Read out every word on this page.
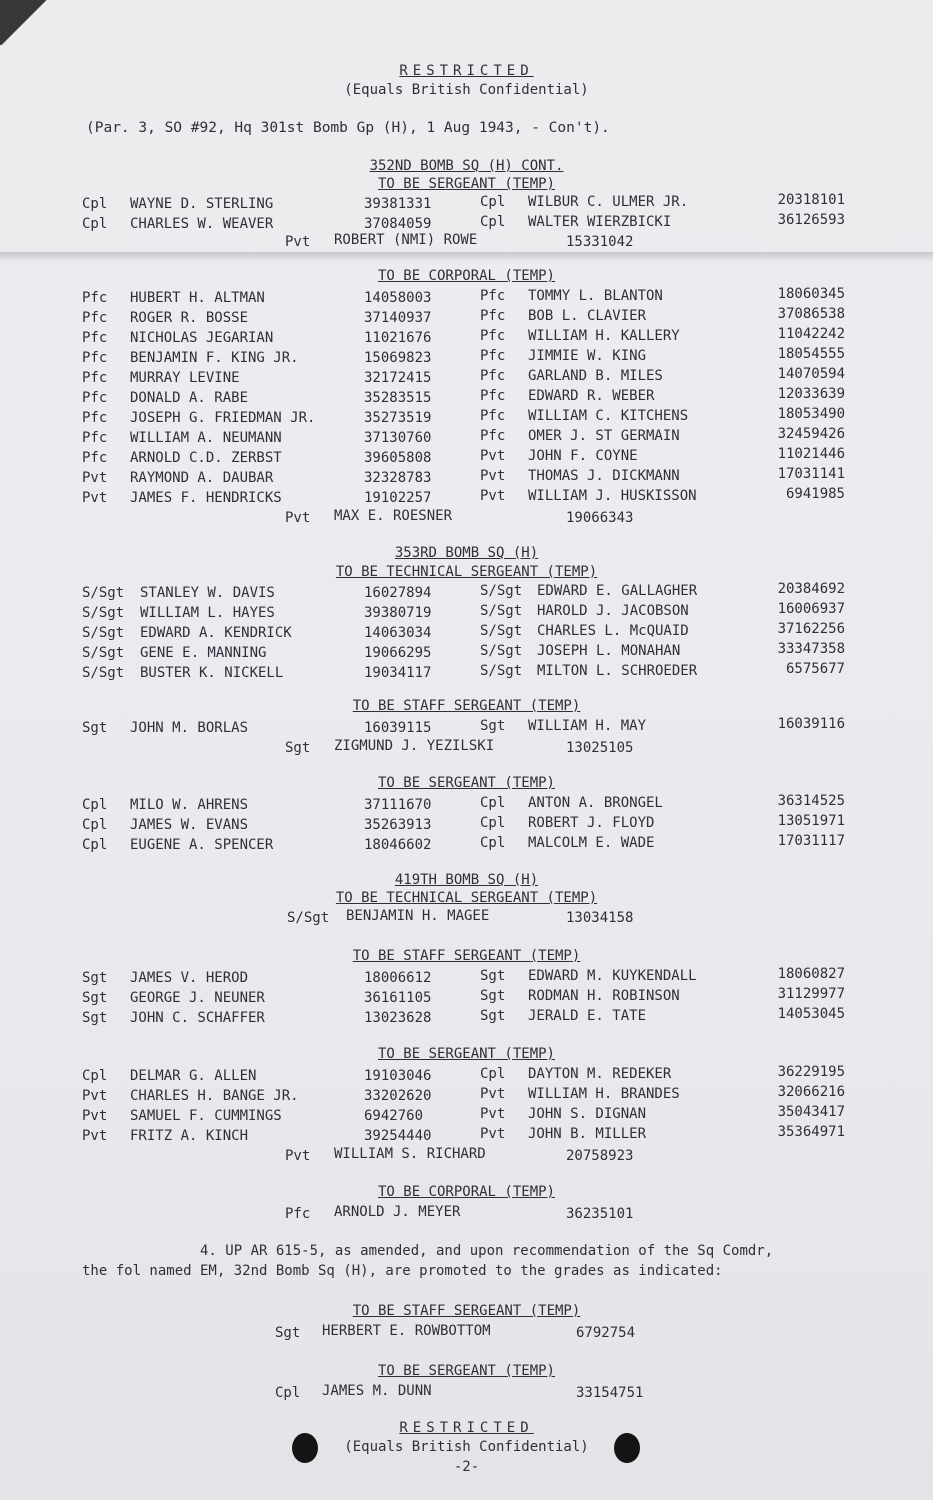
RESTRICTED
(Equals British Confidential)
(Par. 3, SO #92, Hq 301st Bomb Gp (H), 1 Aug 1943, - Con't).
352ND BOMB SQ (H) CONT.
TO BE SERGEANT (TEMP)
Cpl WAYNE D. STERLING	39381331	Cpl WILBUR C. ULMER JR.	20318101
Cpl CHARLES W. WEAVER	37084059	Cpl WALTER WIERZBICKI	36126593
Pvt ROBERT (NMI) ROWE	15331042
TO BE CORPORAL (TEMP)
Pfc HUBERT H. ALTMAN	14058003	Pfc TOMMY L. BLANTON	18060345
Pfc ROGER R. BOSSE	37140937	Pfc BOB L. CLAVIER	37086538
Pfc NICHOLAS JEGARIAN	11021676	Pfc WILLIAM H. KALLERY	11042242
Pfc BENJAMIN F. KING JR.	15069823	Pfc JIMMIE W. KING	18054555
Pfc MURRAY LEVINE	32172415	Pfc GARLAND B. MILES	14070594
Pfc DONALD A. RABE	35283515	Pfc EDWARD R. WEBER	12033639
Pfc JOSEPH G. FRIEDMAN JR.	35273519	Pfc WILLIAM C. KITCHENS	18053490
Pfc WILLIAM A. NEUMANN	37130760	Pfc OMER J. ST GERMAIN	32459426
Pfc ARNOLD C.D. ZERBST	39605808	Pvt JOHN F. COYNE	11021446
Pvt RAYMOND A. DAUBAR	32328783	Pvt THOMAS J. DICKMANN	17031141
Pvt JAMES F. HENDRICKS	19102257	Pvt WILLIAM J. HUSKISSON	6941985
Pvt MAX E. ROESNER	19066343
353RD BOMB SQ (H)
TO BE TECHNICAL SERGEANT (TEMP)
S/Sgt STANLEY W. DAVIS	16027894	S/Sgt EDWARD E. GALLAGHER	20384692
S/Sgt WILLIAM L. HAYES	39380719	S/Sgt HAROLD J. JACOBSON	16006937
S/Sgt EDWARD A. KENDRICK	14063034	S/Sgt CHARLES L. McQUAID	37162256
S/Sgt GENE E. MANNING	19066295	S/Sgt JOSEPH L. MONAHAN	33347358
S/Sgt BUSTER K. NICKELL	19034117	S/Sgt MILTON L. SCHROEDER	6575677
TO BE STAFF SERGEANT (TEMP)
Sgt JOHN M. BORLAS	16039115	Sgt WILLIAM H. MAY	16039116
Sgt ZIGMUND J. YEZILSKI	13025105
TO BE SERGEANT (TEMP)
Cpl MILO W. AHRENS	37111670	Cpl ANTON A. BRONGEL	36314525
Cpl JAMES W. EVANS	35263913	Cpl ROBERT J. FLOYD	13051971
Cpl EUGENE A. SPENCER	18046602	Cpl MALCOLM E. WADE	17031117
419TH BOMB SQ (H)
TO BE TECHNICAL SERGEANT (TEMP)
S/Sgt BENJAMIN H. MAGEE	13034158
TO BE STAFF SERGEANT (TEMP)
Sgt JAMES V. HEROD	18006612	Sgt EDWARD M. KUYKENDALL	18060827
Sgt GEORGE J. NEUNER	36161105	Sgt RODMAN H. ROBINSON	31129977
Sgt JOHN C. SCHAFFER	13023628	Sgt JERALD E. TATE	14053045
TO BE SERGEANT (TEMP)
Cpl DELMAR G. ALLEN	19103046	Cpl DAYTON M. REDEKER	36229195
Pvt CHARLES H. BANGE JR.	33202620	Pvt WILLIAM H. BRANDES	32066216
Pvt SAMUEL F. CUMMINGS	6942760	Pvt JOHN S. DIGNAN	35043417
Pvt FRITZ A. KINCH	39254440	Pvt JOHN B. MILLER	35364971
Pvt WILLIAM S. RICHARD	20758923
TO BE CORPORAL (TEMP)
Pfc ARNOLD J. MEYER	36235101
4. UP AR 615-5, as amended, and upon recommendation of the Sq Comdr,
the fol named EM, 32nd Bomb Sq (H), are promoted to the grades as indicated:
TO BE STAFF SERGEANT (TEMP)
Sgt HERBERT E. ROWBOTTOM	6792754
TO BE SERGEANT (TEMP)
Cpl JAMES M. DUNN	33154751
RESTRICTED
(Equals British Confidential)
-2-
